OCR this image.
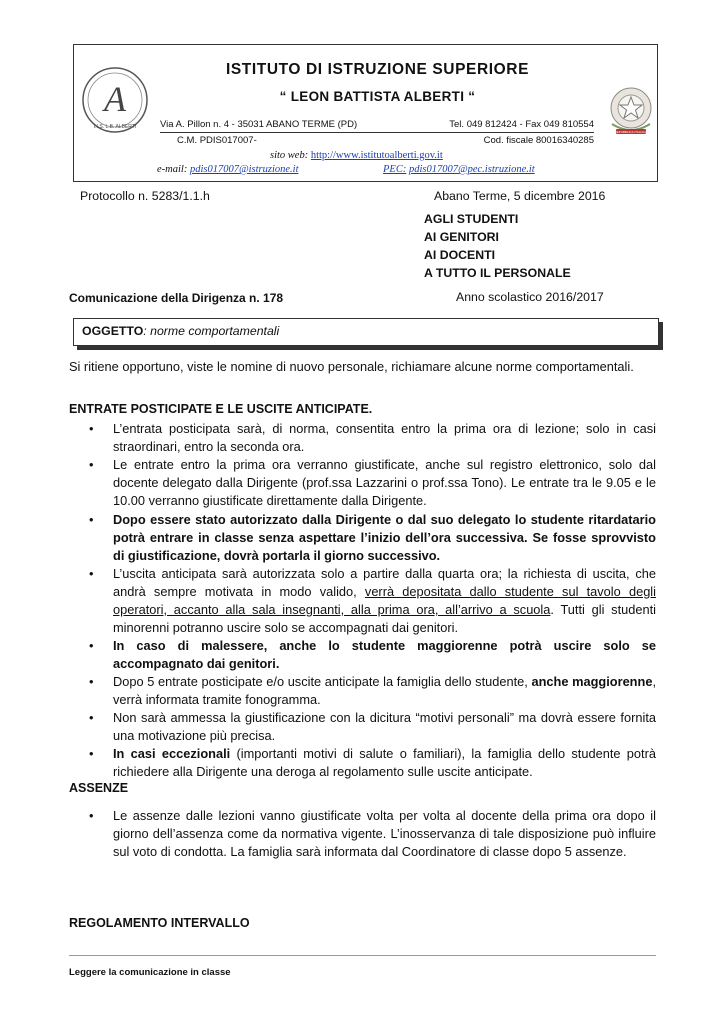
A
I.I.S. L.B. ALBERTI
REPUBBLICA ITALIANA
ISTITUTO DI ISTRUZIONE SUPERIORE
“ LEON BATTISTA ALBERTI “
Via A. Pillon n. 4 - 35031 ABANO TERME (PD)	Tel. 049 812424 - Fax 049 810554
C.M. PDIS017007-	Cod. fiscale 80016340285
sito web: http://www.istitutoalberti.gov.it
e-mail: pdis017007@istruzione.it	PEC: pdis017007@pec.istruzione.it
Protocollo n. 5283/1.1.h	Abano Terme, 5 dicembre 2016
AGLI STUDENTI
AI GENITORI
AI DOCENTI
A TUTTO IL PERSONALE
Comunicazione della Dirigenza n. 178	Anno scolastico 2016/2017
OGGETTO: norme comportamentali
Si ritiene opportuno, viste le nomine di nuovo personale, richiamare alcune norme comportamentali.
ENTRATE POSTICIPATE E LE USCITE ANTICIPATE.
• L’entrata posticipata sarà, di norma, consentita entro la prima ora di lezione; solo in casi straordinari, entro la seconda ora.
• Le entrate entro la prima ora verranno giustificate, anche sul registro elettronico, solo dal docente delegato dalla Dirigente (prof.ssa Lazzarini o prof.ssa Tono). Le entrate tra le 9.05 e le 10.00 verranno giustificate direttamente dalla Dirigente.
• Dopo essere stato autorizzato dalla Dirigente o dal suo delegato lo studente ritardatario potrà entrare in classe senza aspettare l’inizio dell’ora successiva. Se fosse sprovvisto di giustificazione, dovrà portarla il giorno successivo.
• L’uscita anticipata sarà autorizzata solo a partire dalla quarta ora; la richiesta di uscita, che andrà sempre motivata in modo valido, verrà depositata dallo studente sul tavolo degli operatori, accanto alla sala insegnanti, alla prima ora, all’arrivo a scuola. Tutti gli studenti minorenni potranno uscire solo se accompagnati dai genitori.
• In caso di malessere, anche lo studente maggiorenne potrà uscire solo se accompagnato dai genitori.
• Dopo 5 entrate posticipate e/o uscite anticipate la famiglia dello studente, anche maggiorenne, verrà informata tramite fonogramma.
• Non sarà ammessa la giustificazione con la dicitura “motivi personali” ma dovrà essere fornita una motivazione più precisa.
• In casi eccezionali (importanti motivi di salute o familiari), la famiglia dello studente potrà richiedere alla Dirigente una deroga al regolamento sulle uscite anticipate.
ASSENZE
• Le assenze dalle lezioni vanno giustificate volta per volta al docente della prima ora dopo il giorno dell’assenza come da normativa vigente. L’inosservanza di tale disposizione può influire sul voto di condotta. La famiglia sarà informata dal Coordinatore di classe dopo 5 assenze.
REGOLAMENTO INTERVALLO
Leggere la comunicazione in classe
